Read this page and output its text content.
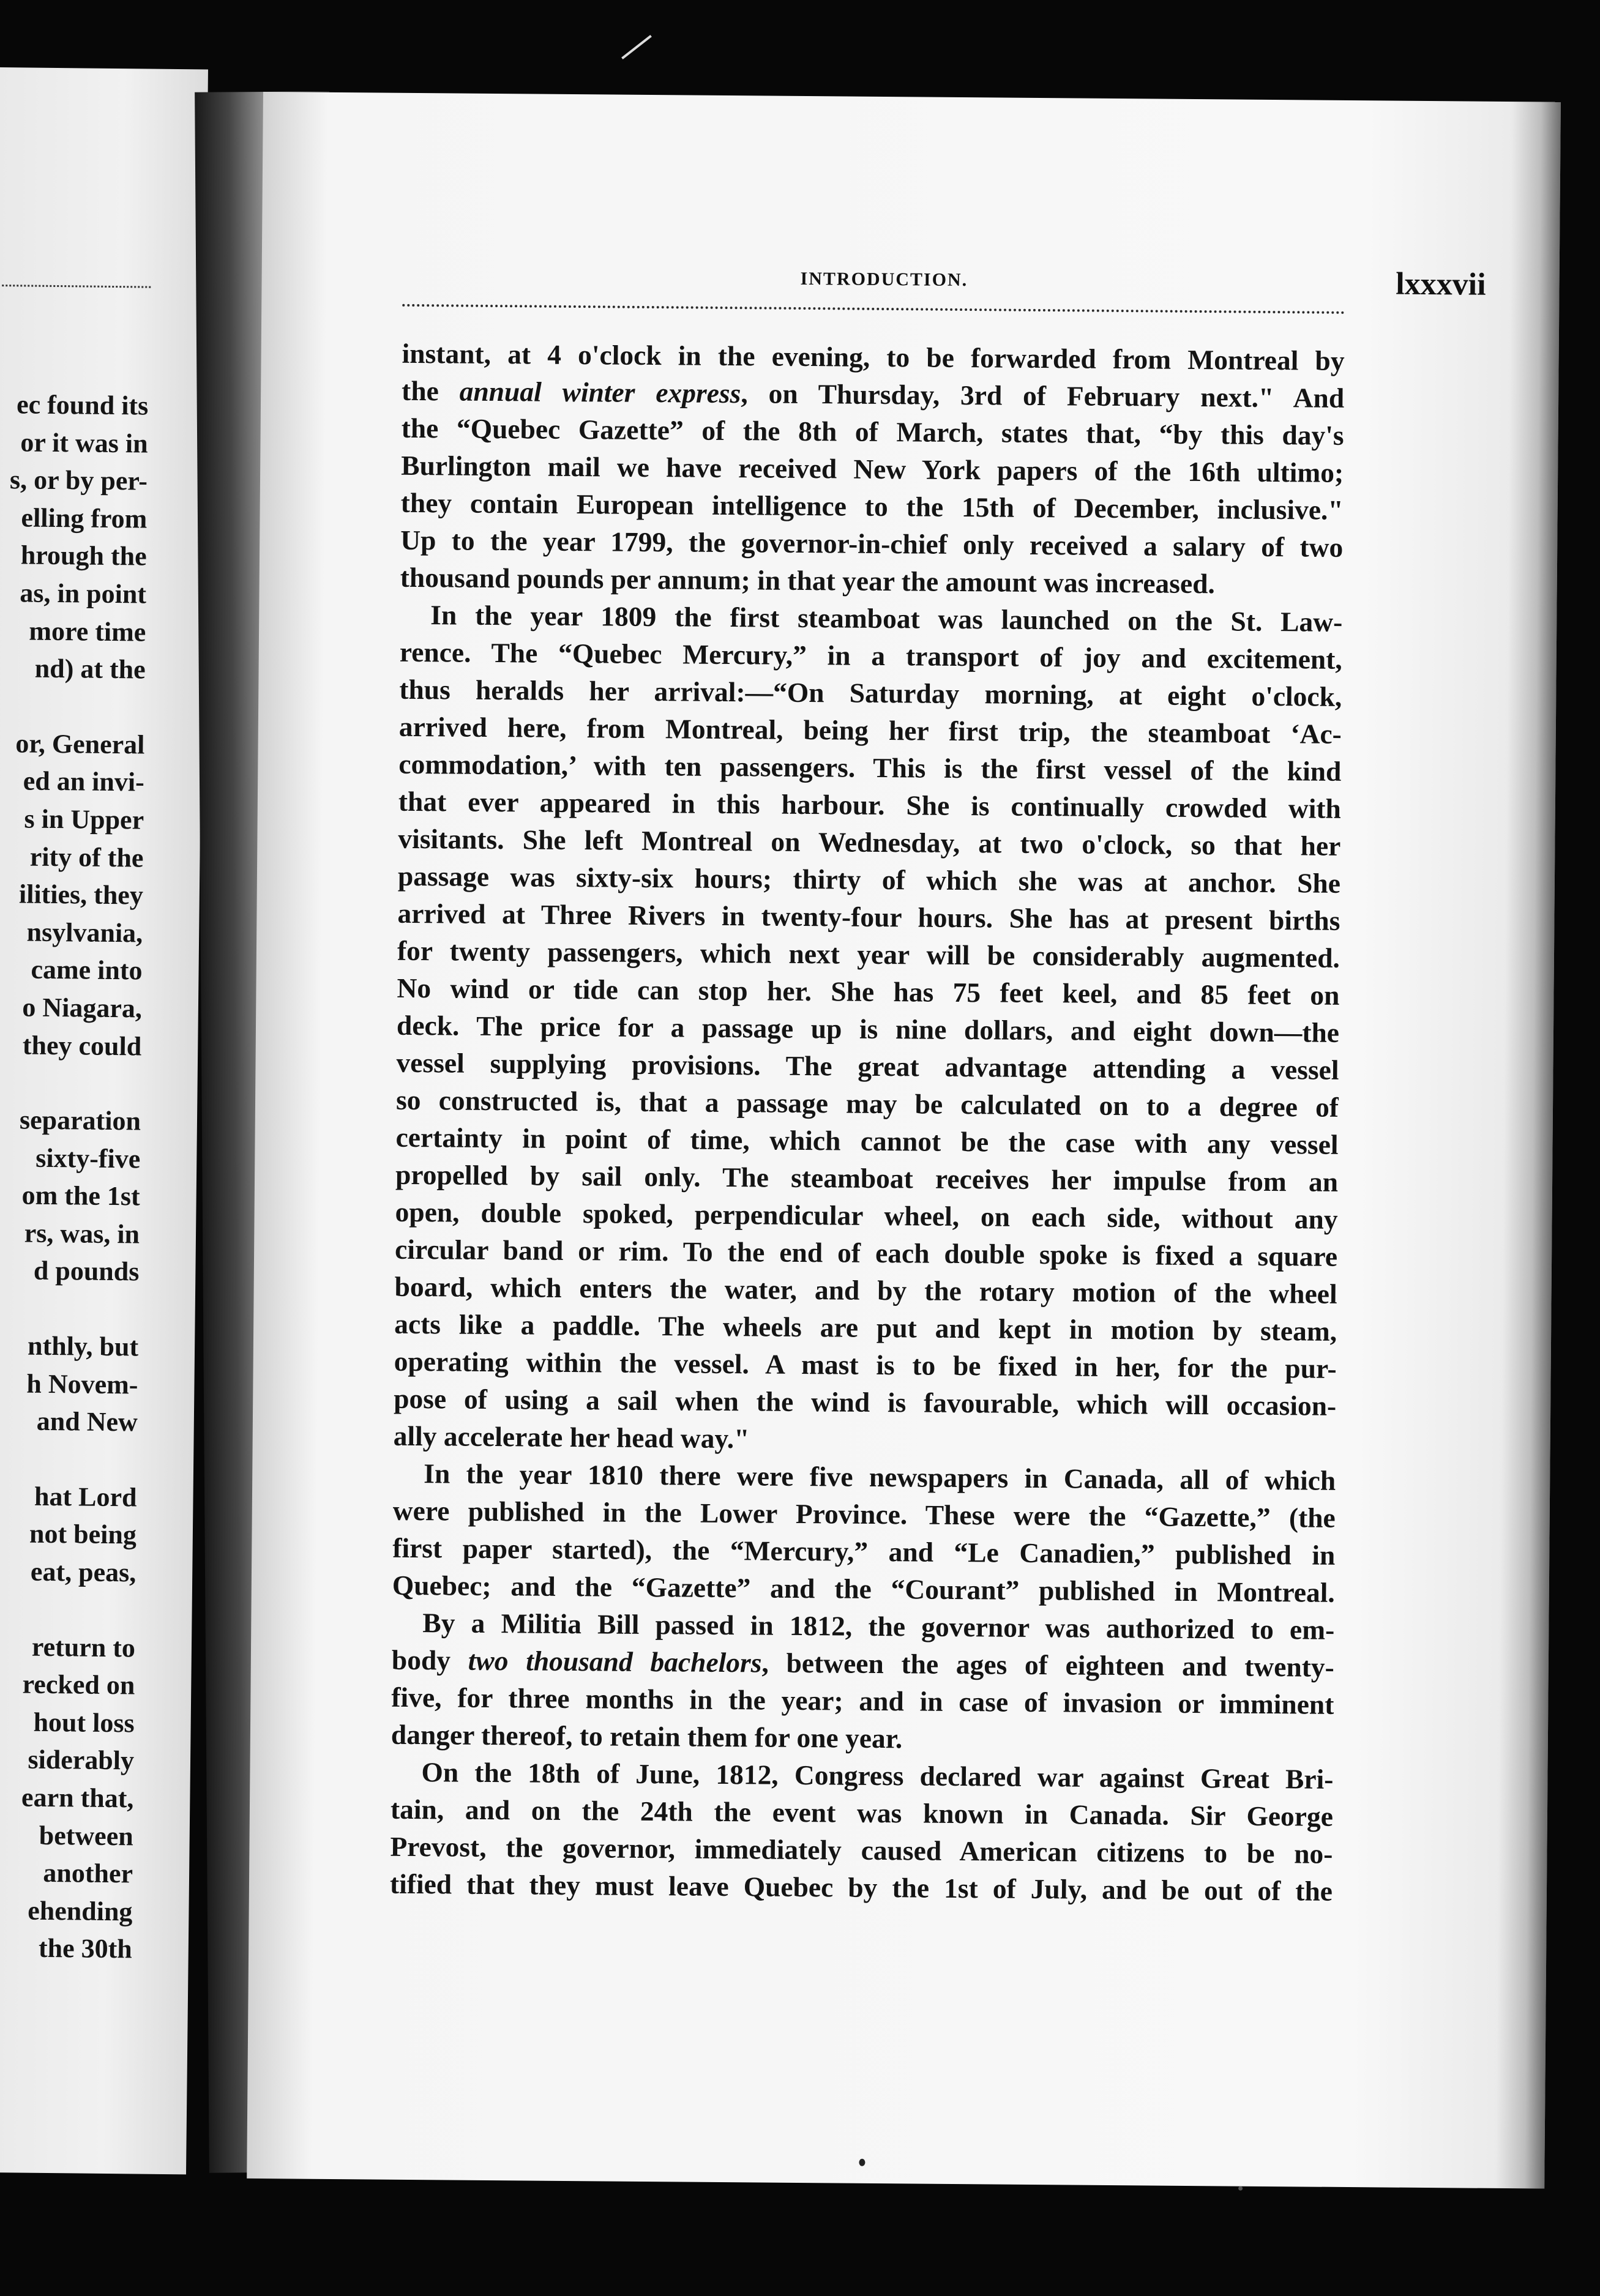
ec found its
or it was in
s, or by per-
elling from
hrough the
as, in point
more time
nd) at the
or, General
ed an invi-
s in Upper
rity of the
ilities, they
nsylvania,
came into
o Niagara,
they could
separation
sixty-five
om the 1st
rs, was, in
d pounds
nthly, but
h Novem-
and New
hat Lord
not being
eat, peas,
return to
recked on
hout loss
siderably
earn that,
between
another
ehending
the 30th
INTRODUCTION.	lxxxvii
instant, at 4 o'clock in the evening, to be forwarded from Montreal by
the annual winter express, on Thursday, 3rd of February next." And
the “Quebec Gazette” of the 8th of March, states that, “by this day's
Burlington mail we have received New York papers of the 16th ultimo;
they contain European intelligence to the 15th of December, inclusive."
Up to the year 1799, the governor-in-chief only received a salary of two
thousand pounds per annum; in that year the amount was increased.
In the year 1809 the first steamboat was launched on the St. Law-
rence. The “Quebec Mercury,” in a transport of joy and excitement,
thus heralds her arrival:—“On Saturday morning, at eight o'clock,
arrived here, from Montreal, being her first trip, the steamboat ‘Ac-
commodation,’ with ten passengers. This is the first vessel of the kind
that ever appeared in this harbour. She is continually crowded with
visitants. She left Montreal on Wednesday, at two o'clock, so that her
passage was sixty-six hours; thirty of which she was at anchor. She
arrived at Three Rivers in twenty-four hours. She has at present births
for twenty passengers, which next year will be considerably augmented.
No wind or tide can stop her. She has 75 feet keel, and 85 feet on
deck. The price for a passage up is nine dollars, and eight down—the
vessel supplying provisions. The great advantage attending a vessel
so constructed is, that a passage may be calculated on to a degree of
certainty in point of time, which cannot be the case with any vessel
propelled by sail only. The steamboat receives her impulse from an
open, double spoked, perpendicular wheel, on each side, without any
circular band or rim. To the end of each double spoke is fixed a square
board, which enters the water, and by the rotary motion of the wheel
acts like a paddle. The wheels are put and kept in motion by steam,
operating within the vessel. A mast is to be fixed in her, for the pur-
pose of using a sail when the wind is favourable, which will occasion-
ally accelerate her head way."
In the year 1810 there were five newspapers in Canada, all of which
were published in the Lower Province. These were the “Gazette,” (the
first paper started), the “Mercury,” and “Le Canadien,” published in
Quebec; and the “Gazette” and the “Courant” published in Montreal.
By a Militia Bill passed in 1812, the governor was authorized to em-
body two thousand bachelors, between the ages of eighteen and twenty-
five, for three months in the year; and in case of invasion or imminent
danger thereof, to retain them for one year.
On the 18th of June, 1812, Congress declared war against Great Bri-
tain, and on the 24th the event was known in Canada. Sir George
Prevost, the governor, immediately caused American citizens to be no-
tified that they must leave Quebec by the 1st of July, and be out of the
